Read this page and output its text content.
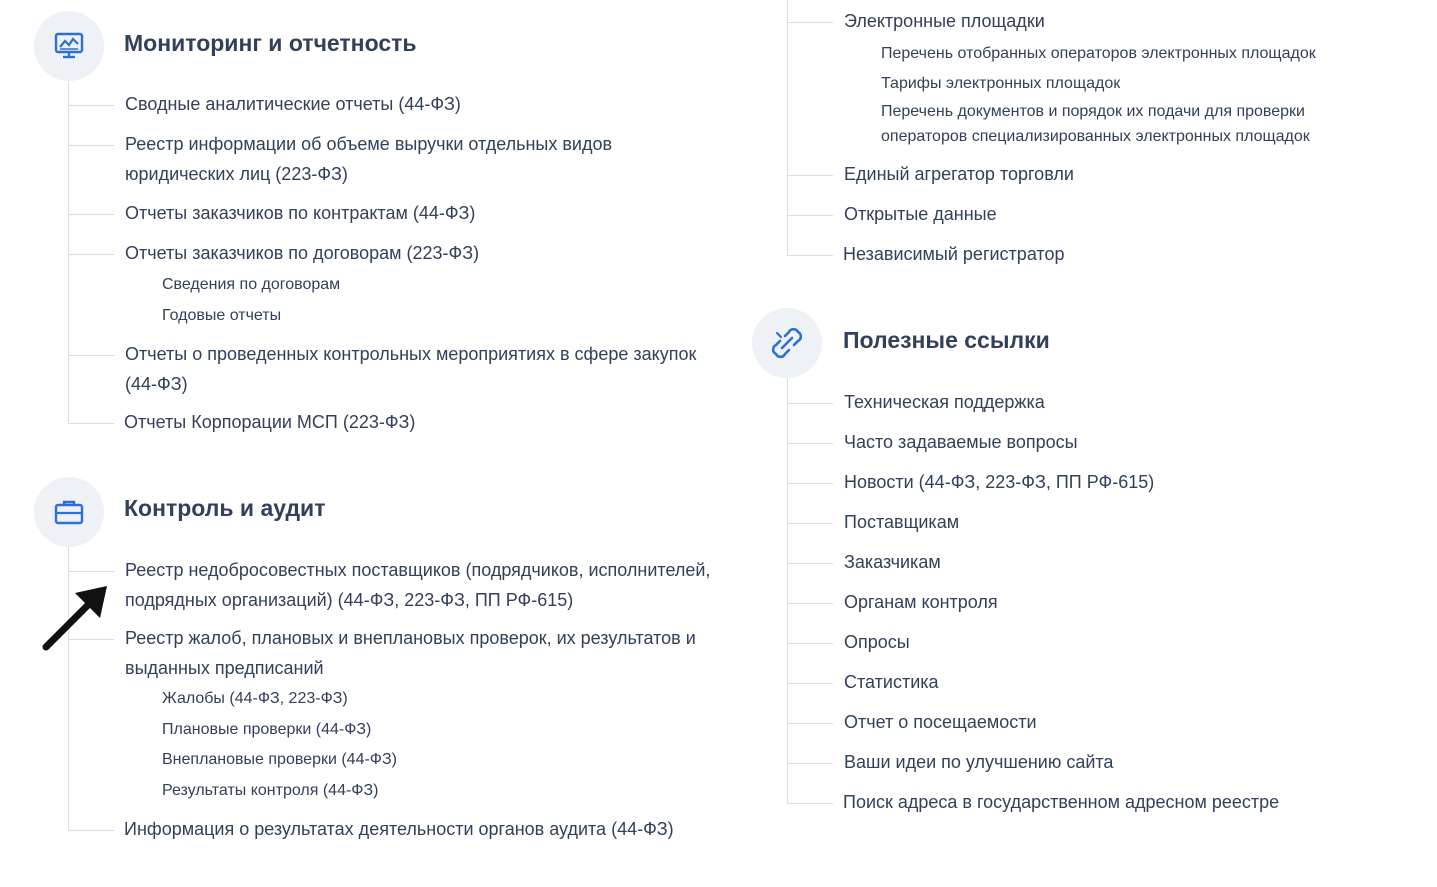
Мониторинг и отчетность
Сводные аналитические отчеты (44-ФЗ)
Реестр информации об объеме выручки отдельных видов
юридических лиц (223-ФЗ)
Отчеты заказчиков по контрактам (44-ФЗ)
Отчеты заказчиков по договорам (223-ФЗ)
Сведения по договорам
Годовые отчеты
Отчеты о проведенных контрольных мероприятиях в сфере закупок
(44-ФЗ)
Отчеты Корпорации МСП (223-ФЗ)
Контроль и аудит
Реестр недобросовестных поставщиков (подрядчиков, исполнителей,
подрядных организаций) (44-ФЗ, 223-ФЗ, ПП РФ-615)
Реестр жалоб, плановых и внеплановых проверок, их результатов и
выданных предписаний
Жалобы (44-ФЗ, 223-ФЗ)
Плановые проверки (44-ФЗ)
Внеплановые проверки (44-ФЗ)
Результаты контроля (44-ФЗ)
Информация о результатах деятельности органов аудита (44-ФЗ)
Электронные площадки
Перечень отобранных операторов электронных площадок
Тарифы электронных площадок
Перечень документов и порядок их подачи для проверки
операторов специализированных электронных площадок
Единый агрегатор торговли
Открытые данные
Независимый регистратор
Полезные ссылки
Техническая поддержка
Часто задаваемые вопросы
Новости (44-ФЗ, 223-ФЗ, ПП РФ-615)
Поставщикам
Заказчикам
Органам контроля
Опросы
Статистика
Отчет о посещаемости
Ваши идеи по улучшению сайта
Поиск адреса в государственном адресном реестре
